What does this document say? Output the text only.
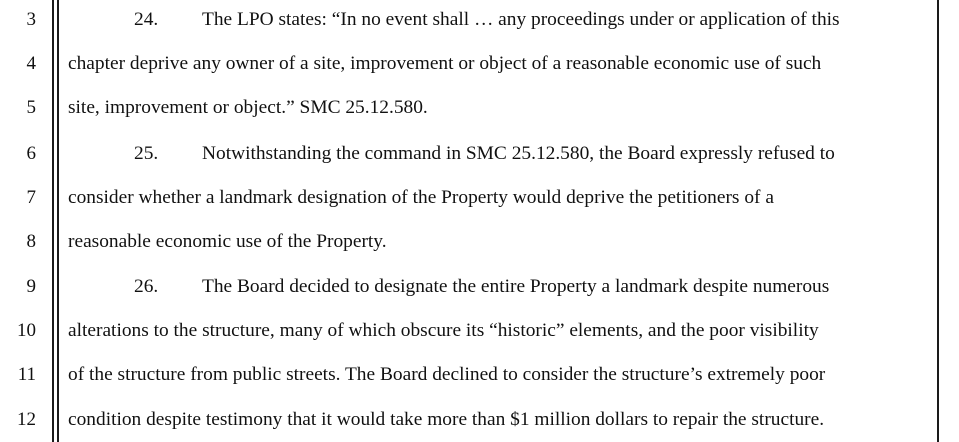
3
4
5
6
7
8
9
10
11
12
24. The LPO states: “In no event shall … any proceedings under or application of this
chapter deprive any owner of a site, improvement or object of a reasonable economic use of such
site, improvement or object.” SMC 25.12.580.
25. Notwithstanding the command in SMC 25.12.580, the Board expressly refused to
consider whether a landmark designation of the Property would deprive the petitioners of a
reasonable economic use of the Property.
26. The Board decided to designate the entire Property a landmark despite numerous
alterations to the structure, many of which obscure its “historic” elements, and the poor visibility
of the structure from public streets. The Board declined to consider the structure’s extremely poor
condition despite testimony that it would take more than $1 million dollars to repair the structure.
